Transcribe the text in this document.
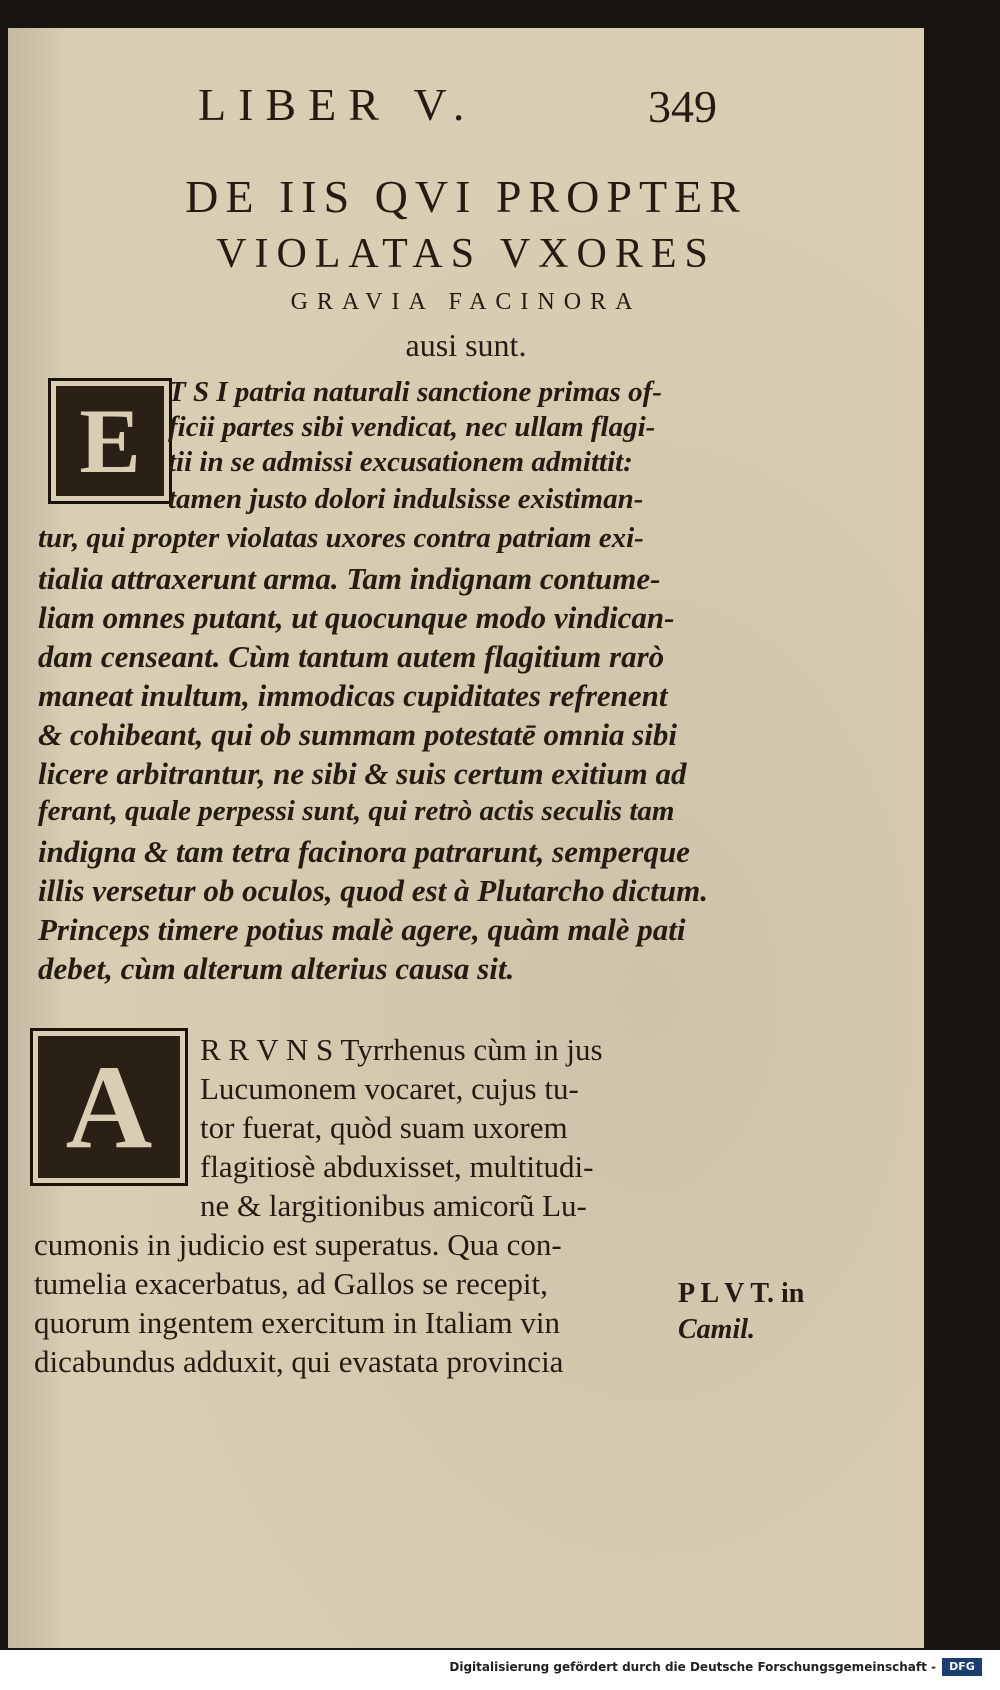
LIBER V.	349
DE IIS QVI PROPTER
VIOLATAS VXORES
GRAVIA FACINORA
ausi sunt.
E T S I patria naturali sanctione primas of-
ficii partes sibi vendicat, nec ullam flagi-
tii in se admissi excusationem admittit:
tamen justo dolori indulsisse existiman-
tur, qui propter violatas uxores contra patriam exi-
tialia attraxerunt arma. Tam indignam contume-
liam omnes putant, ut quocunque modo vindican-
dam censeant. Cùm tantum autem flagitium rarò
maneat inultum, immodicas cupiditates refrenent
& cohibeant, qui ob summam potestatē omnia sibi
licere arbitrantur, ne sibi & suis certum exitium ad
ferant, quale perpessi sunt, qui retrò actis seculis tam
indigna & tam tetra facinora patrarunt, semperque
illis versetur ob oculos, quod est à Plutarcho dictum.
Princeps timere potius malè agere, quàm malè pati
debet, cùm alterum alterius causa sit.
A R R V N S Tyrrhenus cùm in jus
Lucumonem vocaret, cujus tu-
tor fuerat, quòd suam uxorem
flagitiosè abduxisset, multitudi-
ne & largitionibus amicorũ Lu-
cumonis in judicio est superatus. Qua con-
tumelia exacerbatus, ad Gallos se recepit,
quorum ingentem exercitum in Italiam vin
dicabundus adduxit, qui evastata provincia
P L V T. in
Camil.
Digitalisierung gefördert durch die Deutsche Forschungsgemeinschaft -	DFG
